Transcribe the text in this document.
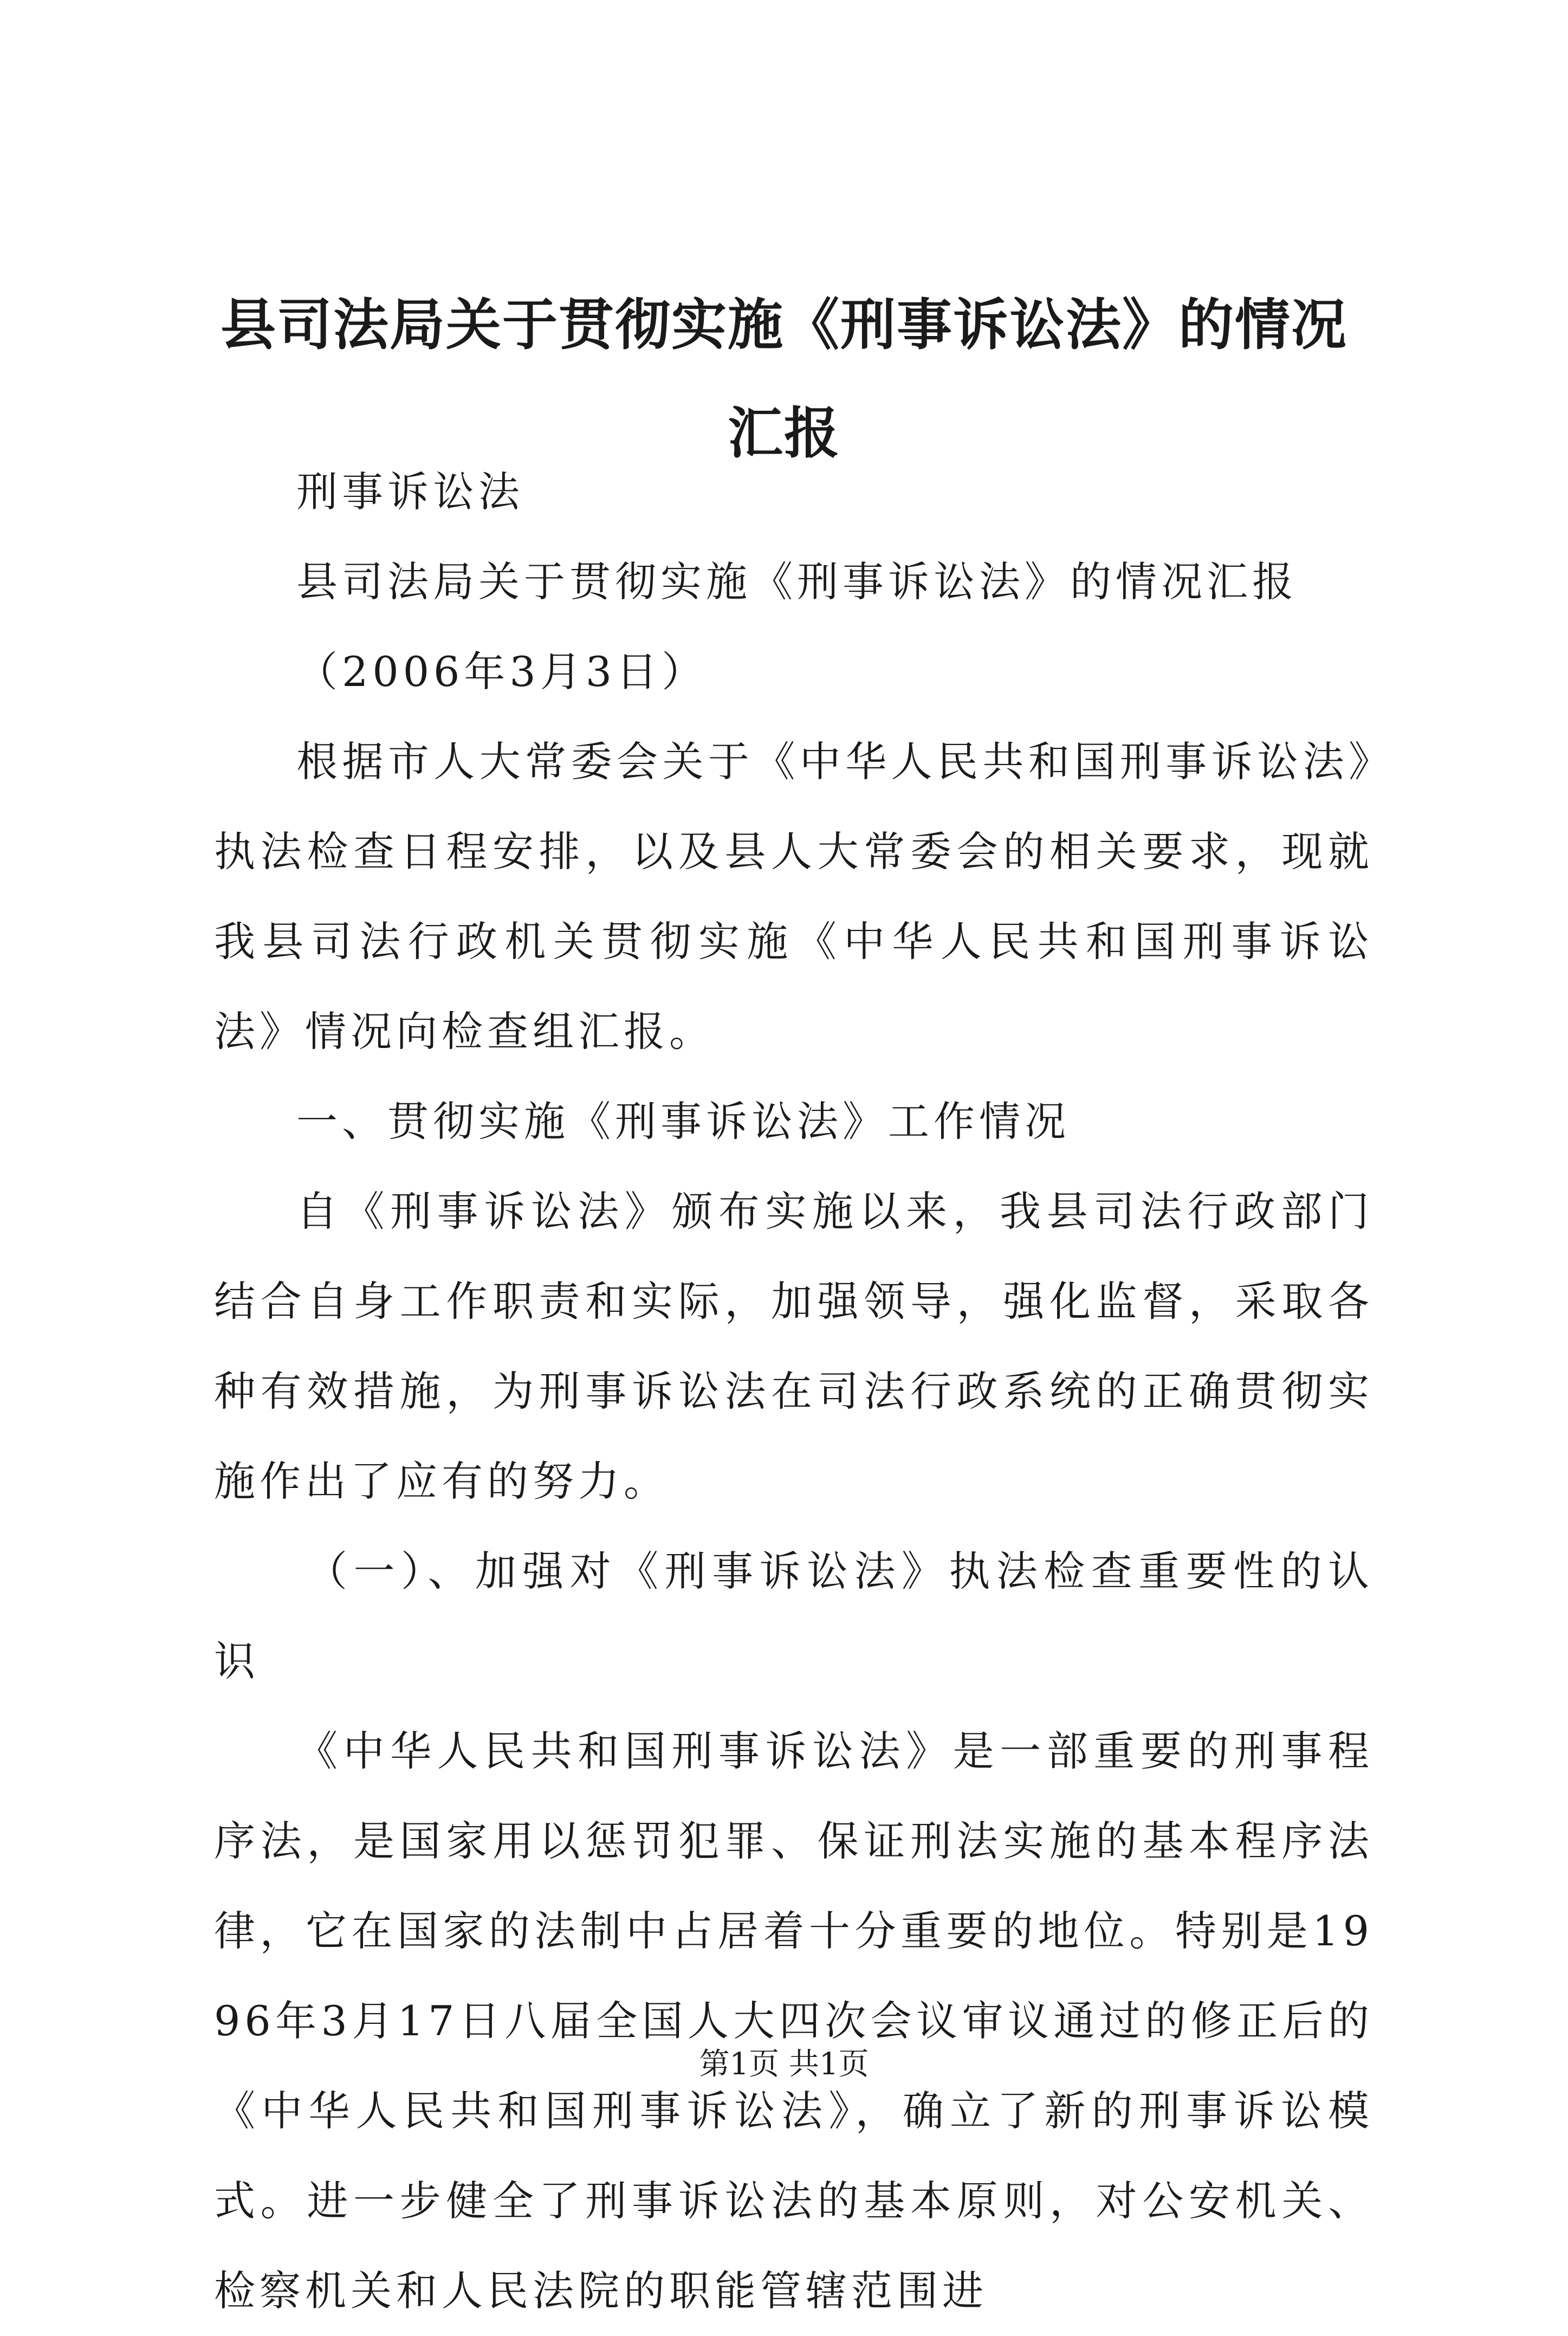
县司法局关于贯彻实施《刑事诉讼法》的情况
汇报

刑事诉讼法

县司法局关于贯彻实施《刑事诉讼法》的情况汇报

（2006年3月3日）

根据市人大常委会关于《中华人民共和国刑事诉讼法》执法检查日程安排，以及县人大常委会的相关要求，现就我县司法行政机关贯彻实施《中华人民共和国刑事诉讼法》情况向检查组汇报。

一、贯彻实施《刑事诉讼法》工作情况

自《刑事诉讼法》颁布实施以来，我县司法行政部门结合自身工作职责和实际，加强领导，强化监督，采取各种有效措施，为刑事诉讼法在司法行政系统的正确贯彻实施作出了应有的努力。

（一）、加强对《刑事诉讼法》执法检查重要性的认识

《中华人民共和国刑事诉讼法》是一部重要的刑事程序法，是国家用以惩罚犯罪、保证刑法实施的基本程序法律，它在国家的法制中占居着十分重要的地位。特别是1996年3月17日八届全国人大四次会议审议通过的修正后的《中华人民共和国刑事诉讼法》，确立了新的刑事诉讼模式。进一步健全了刑事诉讼法的基本原则，对公安机关、检察机关和人民法院的职能管辖范围进

第1页 共1页
